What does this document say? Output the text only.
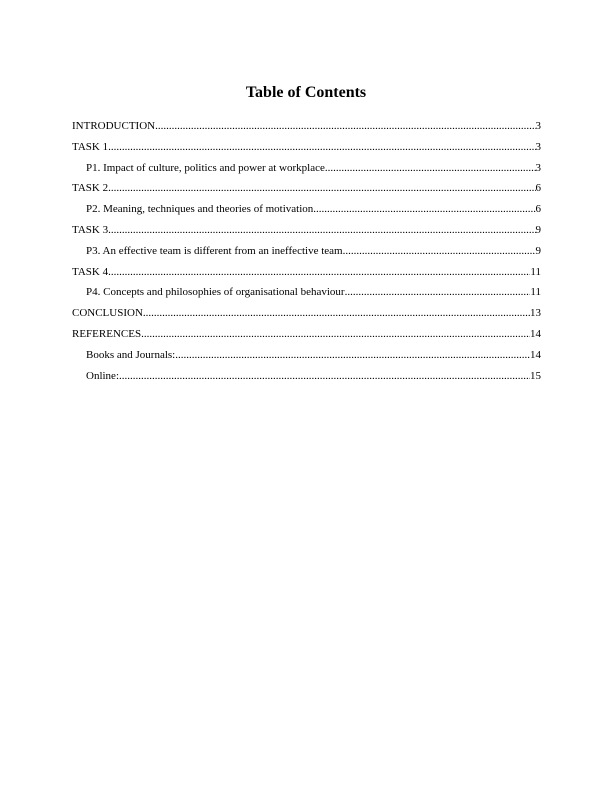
Table of Contents
INTRODUCTION .....	3
TASK 1 .....	3
P1. Impact of culture, politics and power at workplace .....	3
TASK 2 .....	6
P2. Meaning, techniques and theories of motivation .....	6
TASK 3 .....	9
P3. An effective team is different from an ineffective team .....	9
TASK 4 .....	11
P4. Concepts and philosophies of organisational behaviour .....	11
CONCLUSION .....	13
REFERENCES .....	14
Books and Journals: .....	14
Online: .....	15
